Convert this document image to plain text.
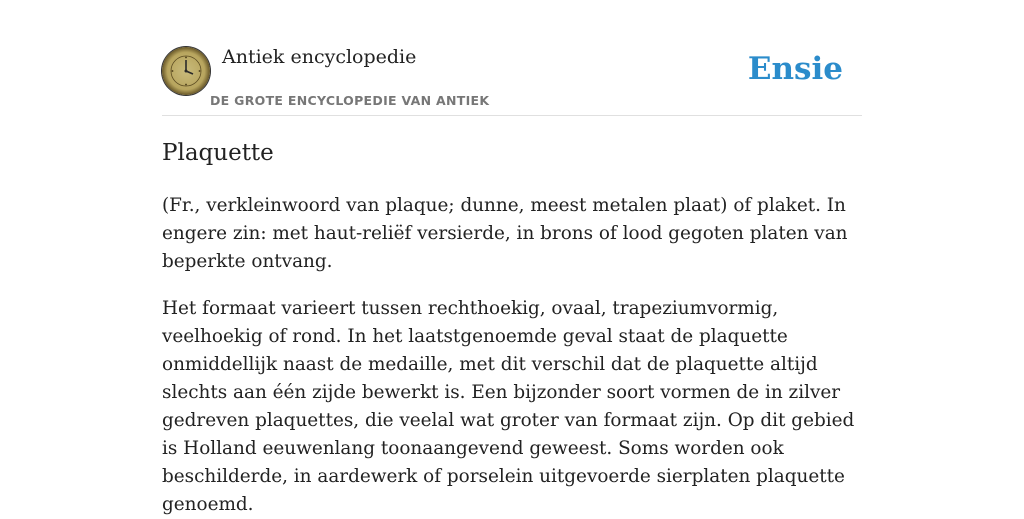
Antiek encyclopedie
DE GROTE ENCYCLOPEDIE VAN ANTIEK
Ensie
Plaquette

(Fr., verkleinwoord van plaque; dunne, meest metalen plaat) of plaket. In engere zin: met haut-reliëf versierde, in brons of lood gegoten platen van beperkte ontvang.

Het formaat varieert tussen rechthoekig, ovaal, trapeziumvormig, veelhoekig of rond. In het laatstgenoemde geval staat de plaquette onmiddellijk naast de medaille, met dit verschil dat de plaquette altijd slechts aan één zijde bewerkt is. Een bijzonder soort vormen de in zilver gedreven plaquettes, die veelal wat groter van formaat zijn. Op dit gebied is Holland eeuwenlang toonaangevend geweest. Soms worden ook beschilderde, in aardewerk of porselein uitgevoerde sierplaten plaquette genoemd.
